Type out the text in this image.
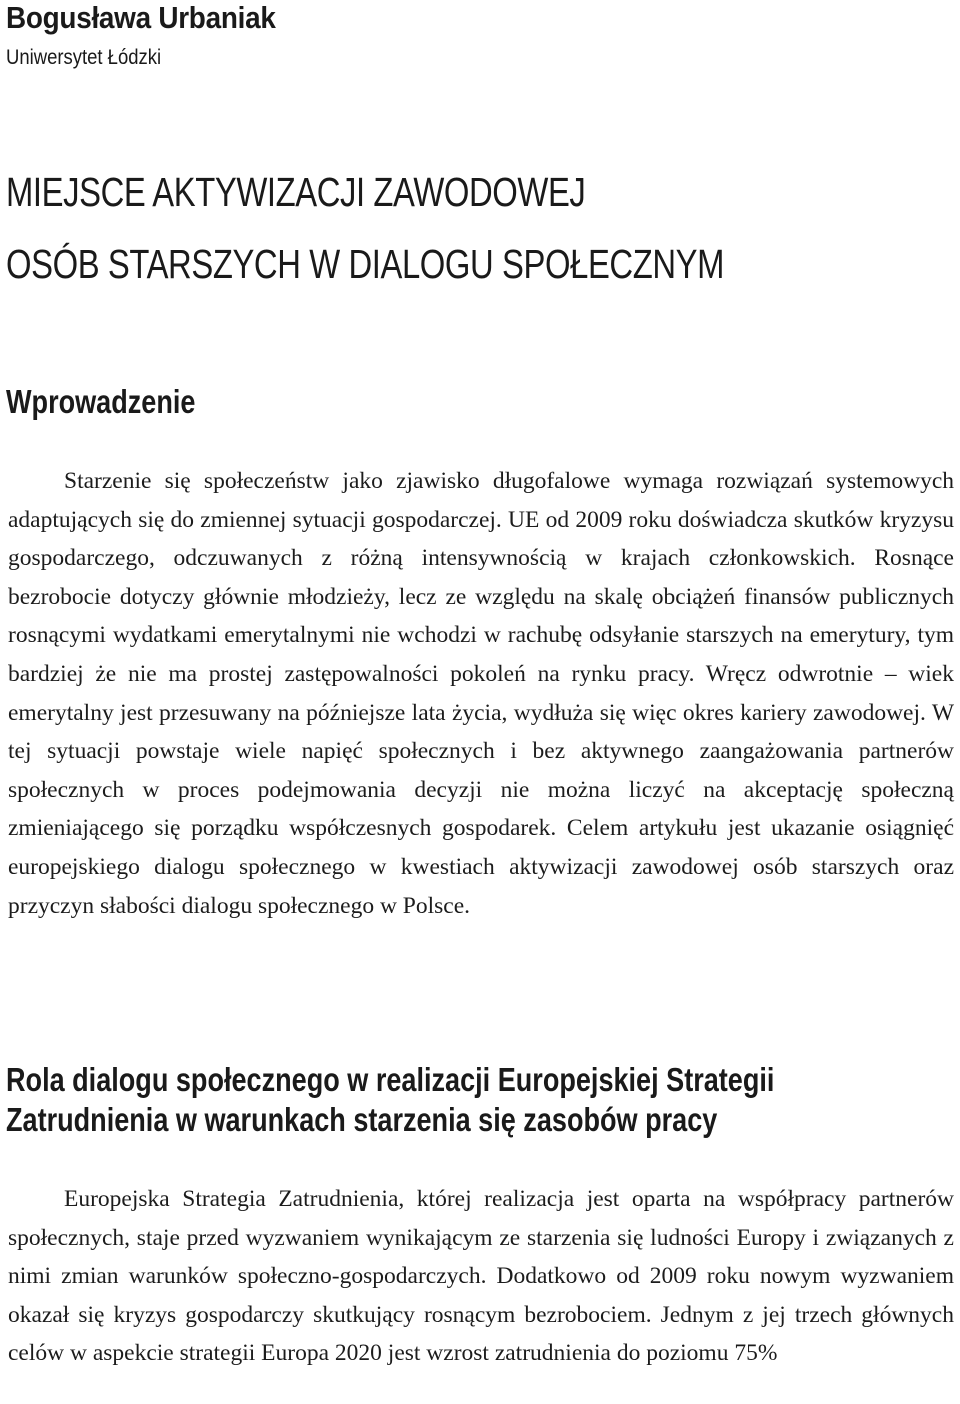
Bogusława Urbaniak
Uniwersytet Łódzki
MIEJSCE AKTYWIZACJI ZAWODOWEJ
OSÓB STARSZYCH W DIALOGU SPOŁECZNYM
Wprowadzenie

Starzenie się społeczeństw jako zjawisko długofalowe wymaga rozwiązań systemowych adaptujących się do zmiennej sytuacji gospodarczej. UE od 2009 roku doświadcza skutków kryzysu gospodarczego, odczuwanych z różną intensywnością w krajach członkowskich. Rosnące bezrobocie dotyczy głównie młodzieży, lecz ze względu na skalę obciążeń finansów publicznych rosnącymi wydatkami emerytalnymi nie wchodzi w rachubę odsyłanie starszych na emerytury, tym bardziej że nie ma prostej zastępowalności pokoleń na rynku pracy. Wręcz odwrotnie – wiek emerytalny jest przesuwany na późniejsze lata życia, wydłuża się więc okres kariery zawodowej. W tej sytuacji powstaje wiele napięć społecznych i bez aktywnego zaangażowania partnerów społecznych w proces podejmowania decyzji nie można liczyć na akceptację społeczną zmieniającego się porządku współczesnych gospodarek. Celem artykułu jest ukazanie osiągnięć europejskiego dialogu społecznego w kwestiach aktywizacji zawodowej osób starszych oraz przyczyn słabości dialogu społecznego w Polsce.

Rola dialogu społecznego w realizacji Europejskiej Strategii
Zatrudnienia w warunkach starzenia się zasobów pracy

Europejska Strategia Zatrudnienia, której realizacja jest oparta na współpracy partnerów społecznych, staje przed wyzwaniem wynikającym ze starzenia się ludności Europy i związanych z nimi zmian warunków społeczno-gospodarczych. Dodatkowo od 2009 roku nowym wyzwaniem okazał się kryzys gospodarczy skutkujący rosnącym bezrobociem. Jednym z jej trzech głównych celów w aspekcie strategii Europa 2020 jest wzrost zatrudnienia do poziomu 75%
